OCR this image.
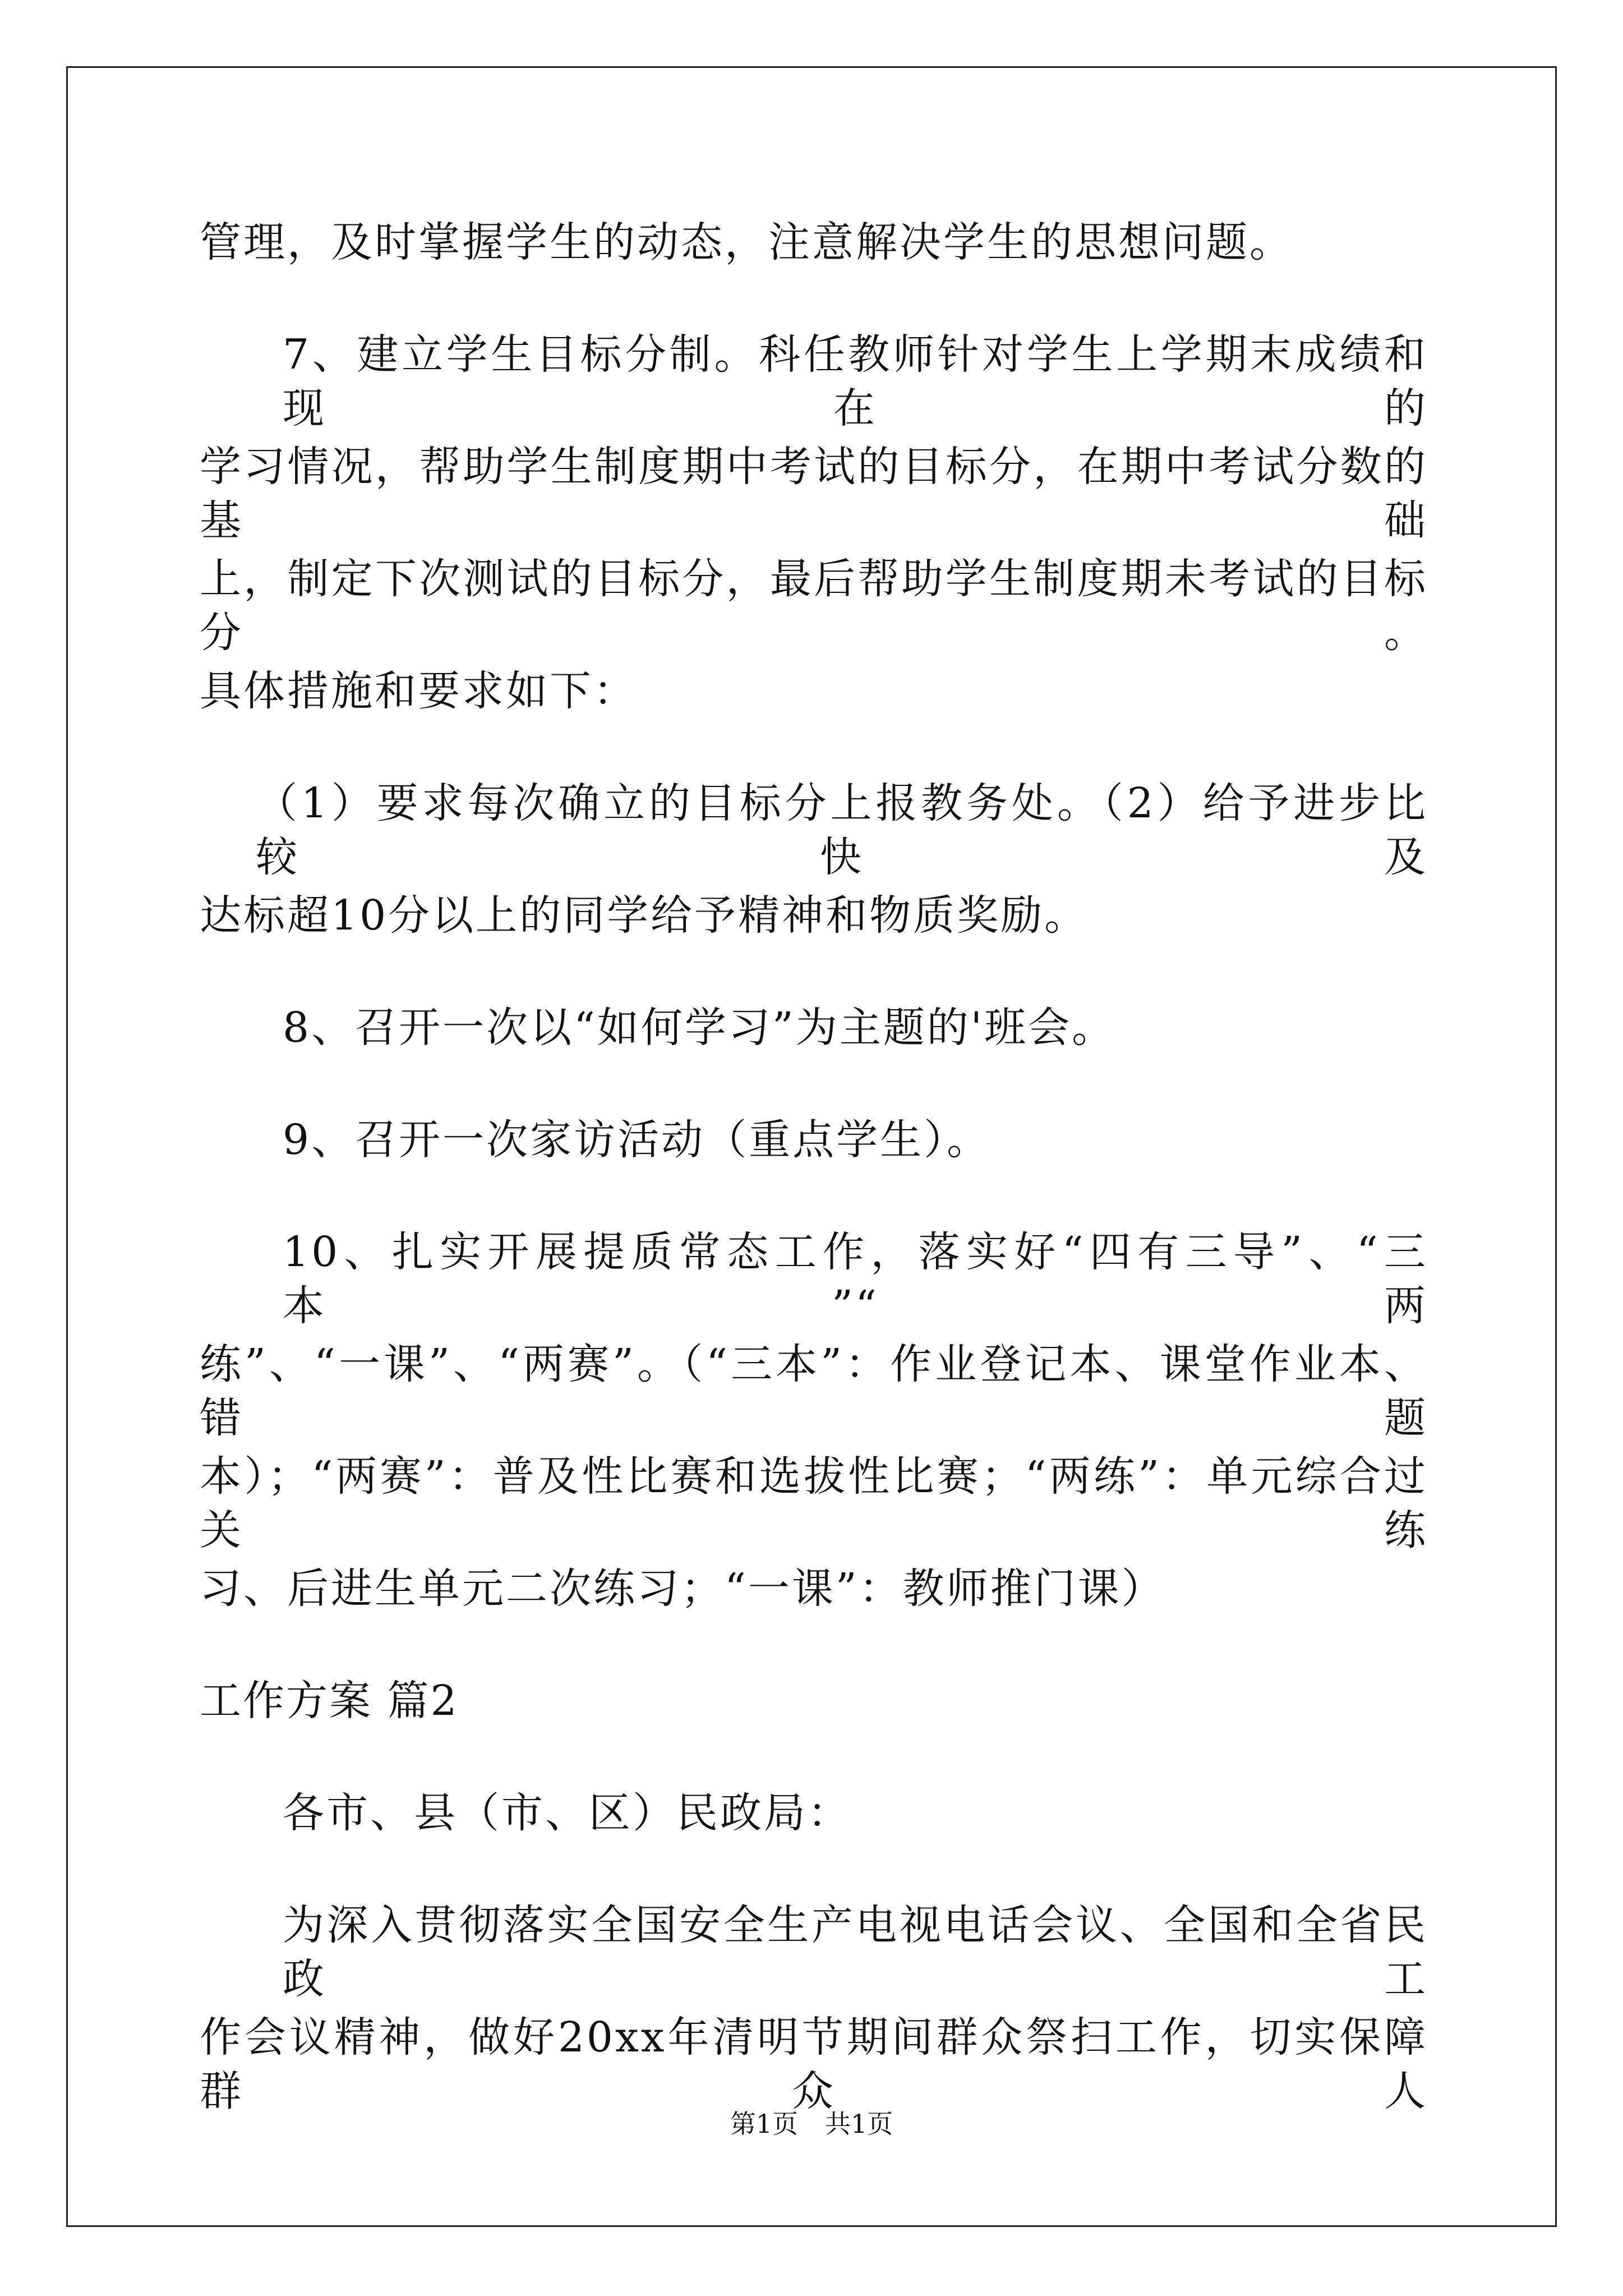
管理，及时掌握学生的动态，注意解决学生的思想问题。
7、建立学生目标分制。科任教师针对学生上学期末成绩和现在的
学习情况，帮助学生制度期中考试的目标分，在期中考试分数的基础
上，制定下次测试的目标分，最后帮助学生制度期未考试的目标分。
具体措施和要求如下：
（1）要求每次确立的目标分上报教务处。（2）给予进步比较快及
达标超10分以上的同学给予精神和物质奖励。
8、召开一次以“如何学习”为主题的'班会。
9、召开一次家访活动（重点学生）。
10、扎实开展提质常态工作，落实好“四有三导”、“三本”“两
练”、“一课”、“两赛”。（“三本”：作业登记本、课堂作业本、错题
本）；“两赛”：普及性比赛和选拔性比赛；“两练”：单元综合过关练
习、后进生单元二次练习；“一课”：教师推门课）
工作方案 篇2
各市、县（市、区）民政局：
为深入贯彻落实全国安全生产电视电话会议、全国和全省民政工
作会议精神，做好20xx年清明节期间群众祭扫工作，切实保障群众人
第1页 共1页
